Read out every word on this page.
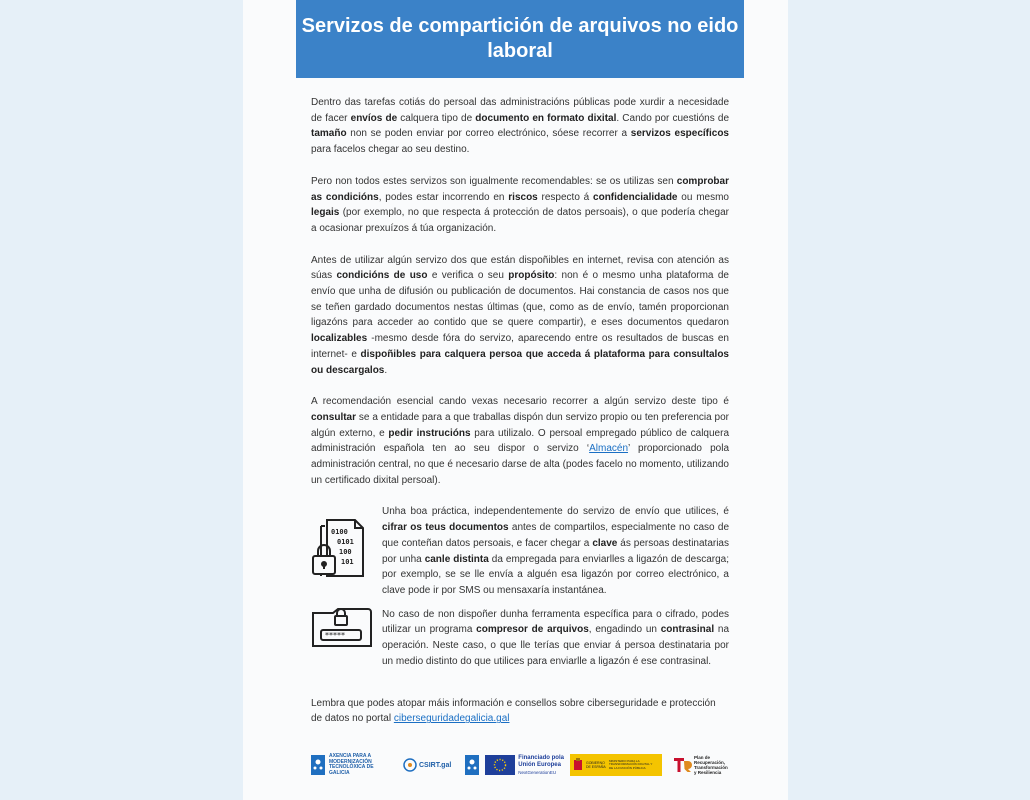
Servizos de compartición de arquivos no eido laboral

Dentro das tarefas cotiás do persoal das administracións públicas pode xurdir a necesidade de facer envíos de calquera tipo de documento en formato dixital. Cando por cuestións de tamaño non se poden enviar por correo electrónico, sóese recorrer a servizos específicos para facelos chegar ao seu destino.

Pero non todos estes servizos son igualmente recomendables: se os utilizas sen comprobar as condicións, podes estar incorrendo en riscos respecto á confidencialidade ou mesmo legais (por exemplo, no que respecta á protección de datos persoais), o que podería chegar a ocasionar prexuízos á túa organización.

Antes de utilizar algún servizo dos que están dispoñibles en internet, revisa con atención as súas condicións de uso e verifica o seu propósito: non é o mesmo unha plataforma de envío que unha de difusión ou publicación de documentos. Hai constancia de casos nos que se teñen gardado documentos nestas últimas (que, como as de envío, tamén proporcionan ligazóns para acceder ao contido que se quere compartir), e eses documentos quedaron localizables -mesmo desde fóra do servizo, aparecendo entre os resultados de buscas en internet- e dispoñibles para calquera persoa que acceda á plataforma para consultalos ou descargalos.

A recomendación esencial cando vexas necesario recorrer a algún servizo deste tipo é consultar se a entidade para a que traballas dispón dun servizo propio ou ten preferencia por algún externo, e pedir instrucións para utilizalo. O persoal empregado público de calquera administración española ten ao seu dispor o servizo ‘Almacén’ proporcionado pola administración central, no que é necesario darse de alta (podes facelo no momento, utilizando un certificado dixital persoal).

0100
0101
100
101
Unha boa práctica, independentemente do servizo de envío que utilices, é cifrar os teus documentos antes de compartilos, especialmente no caso de que conteñan datos persoais, e facer chegar a clave ás persoas destinatarias por unha canle distinta da empregada para enviarlles a ligazón de descarga; por exemplo, se se lle envía a alguén esa ligazón por correo electrónico, a clave pode ir por SMS ou mensaxaría instantánea.
*****
No caso de non dispoñer dunha ferramenta específica para o cifrado, podes utilizar un programa compresor de arquivos, engadindo un contrasinal na operación. Neste caso, o que lle terías que enviar á persoa destinataria por un medio distinto do que utilices para enviarlle a ligazón é ese contrasinal.

Lembra que podes atopar máis información e consellos sobre ciberseguridade e protección de datos no portal ciberseguridadegalicia.gal

AXENCIA PARA A MODERNIZACIÓN TECNOLÓXICA DE GALICIA
CSIRT.gal
Financiado pola
Unión Europea
NextGenerationEU
GOBIERNO DE ESPAÑA
MINISTERIO PARA LA TRANSFORMACIÓN DIGITAL Y DE LA FUNCIÓN PÚBLICA
Plan de
Recuperación,
Transformación
y Resiliencia
